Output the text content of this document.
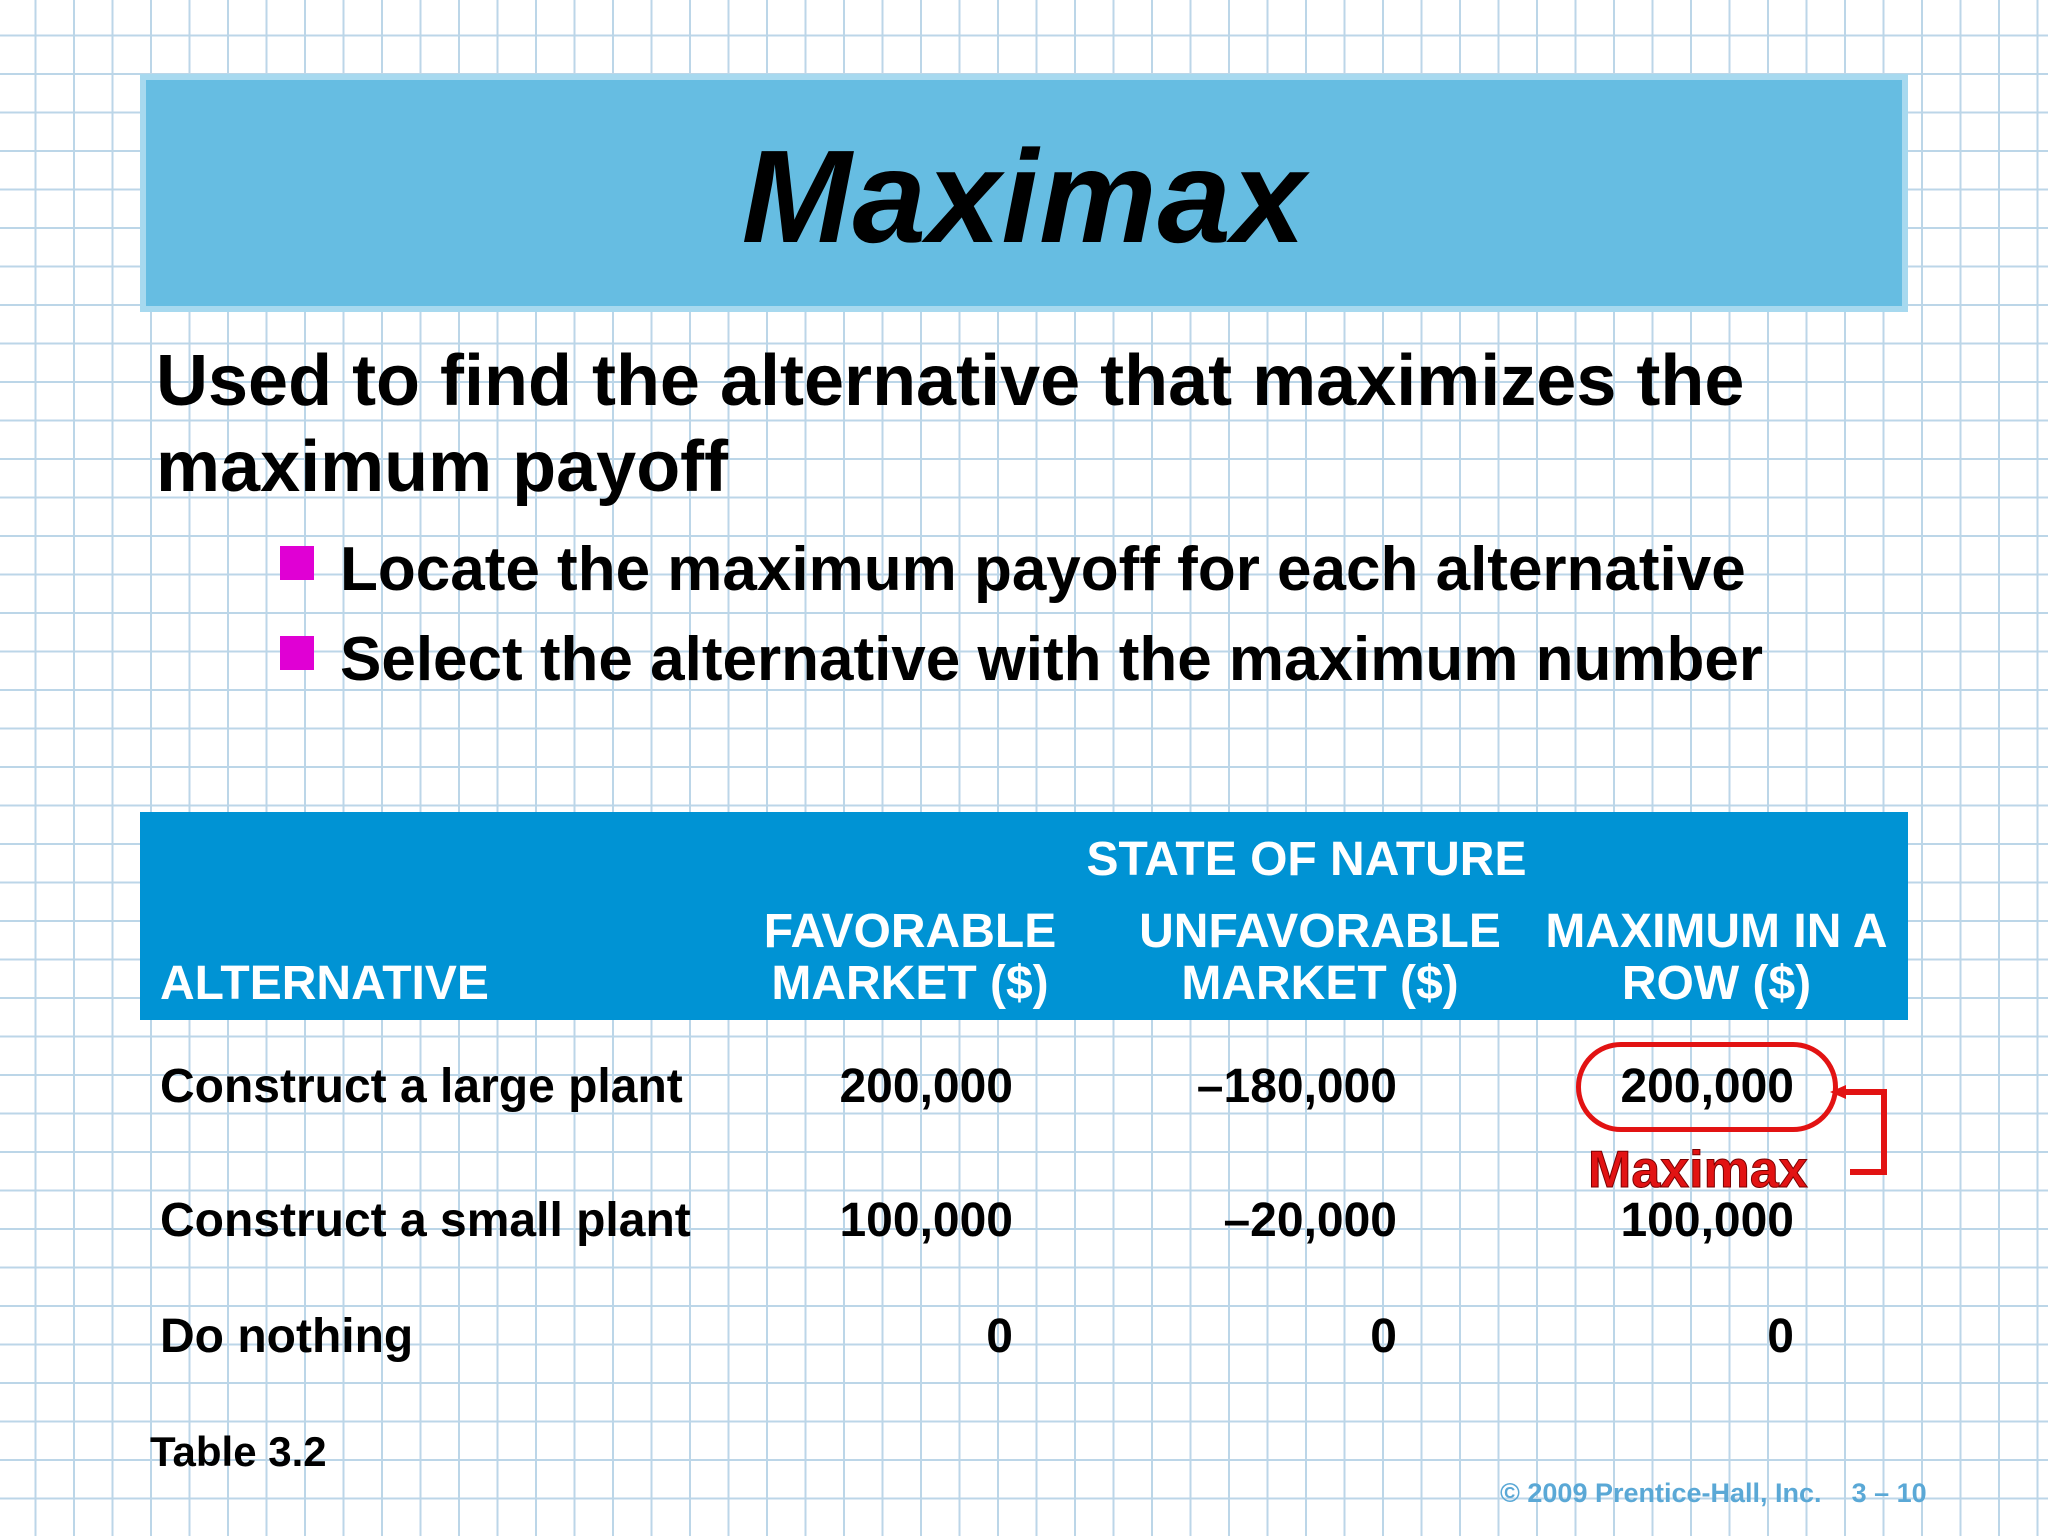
Maximax
Used to find the alternative that maximizes the maximum payoff
Locate the maximum payoff for each alternative
Select the alternative with the maximum number
	STATE OF NATURE		
ALTERNATIVE	FAVORABLE MARKET ($)	UNFAVORABLE MARKET ($)	MAXIMUM IN A ROW ($)
Construct a large plant	200,000	–180,000	200,000
Construct a small plant	100,000	–20,000	100,000
Do nothing	0	0	0
Maximax
Table 3.2
© 2009 Prentice-Hall, Inc. 3 – 10
